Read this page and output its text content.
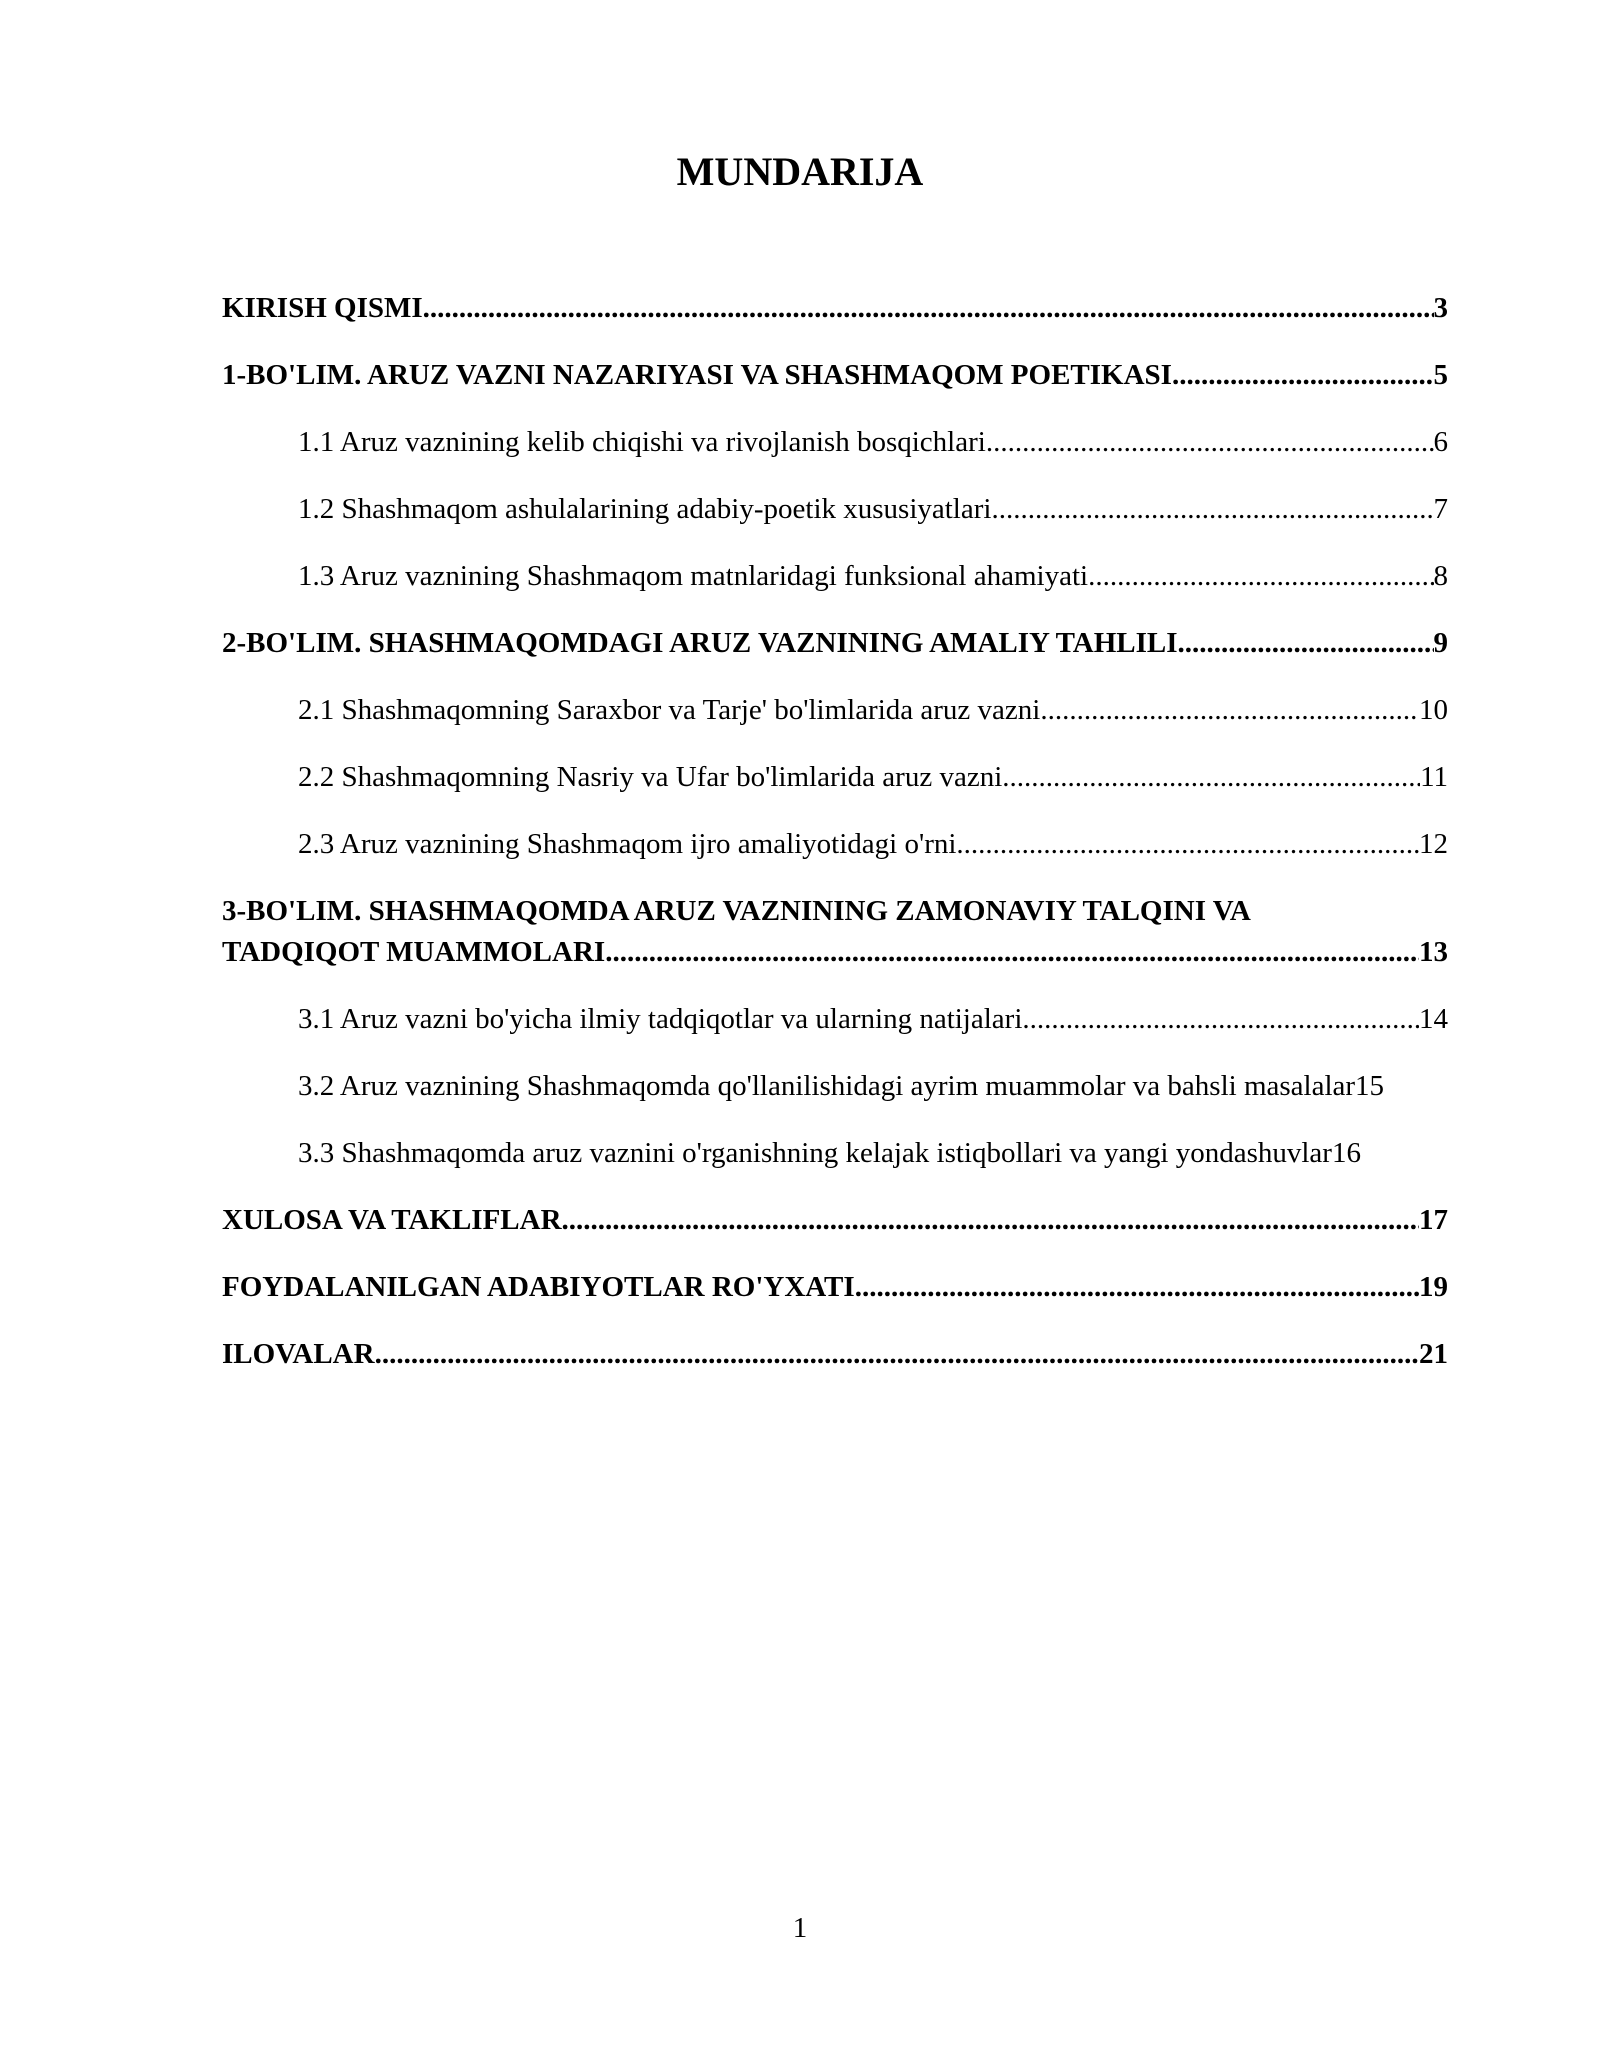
MUNDARIJA
KIRISH QISMI .....	3
1-BO'LIM. ARUZ VAZNI NAZARIYASI VA SHASHMAQOM POETIKASI .....	5
1.1 Aruz vaznining kelib chiqishi va rivojlanish bosqichlari .....	6
1.2 Shashmaqom ashulalarining adabiy-poetik xususiyatlari .....	7
1.3 Aruz vaznining Shashmaqom matnlaridagi funksional ahamiyati .....	8
2-BO'LIM. SHASHMAQOMDAGI ARUZ VAZNINING AMALIY TAHLILI .....	9
2.1 Shashmaqomning Saraxbor va Tarje' bo'limlarida aruz vazni .....	10
2.2 Shashmaqomning Nasriy va Ufar bo'limlarida aruz vazni .....	11
2.3 Aruz vaznining Shashmaqom ijro amaliyotidagi o'rni .....	12
3-BO'LIM. SHASHMAQOMDA ARUZ VAZNINING ZAMONAVIY TALQINI VA
TADQIQOT MUAMMOLARI .....	13
3.1 Aruz vazni bo'yicha ilmiy tadqiqotlar va ularning natijalari .....	14
3.2 Aruz vaznining Shashmaqomda qo'llanilishidagi ayrim muammolar va bahsli masalalar 15
3.3 Shashmaqomda aruz vaznini o'rganishning kelajak istiqbollari va yangi yondashuvlar 16
XULOSA VA TAKLIFLAR .....	17
FOYDALANILGAN ADABIYOTLAR RO'YXATI .....	19
ILOVALAR .....	21
1
